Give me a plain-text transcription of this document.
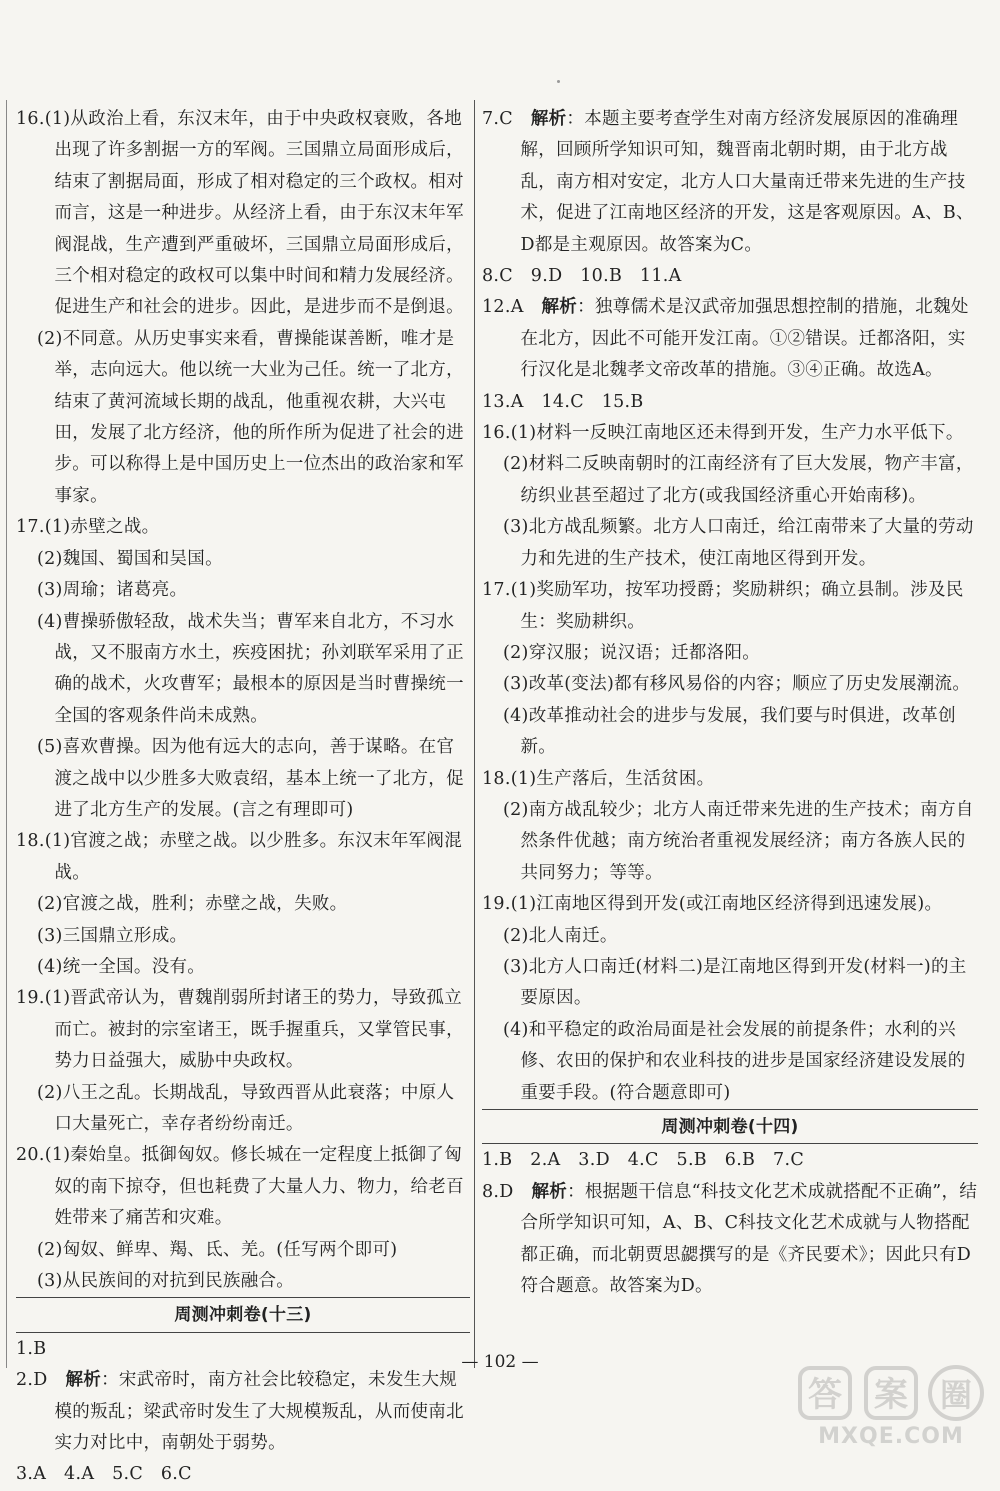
16.(1)从政治上看，东汉末年，由于中央政权衰败，各地出现了许多割据一方的军阀。三国鼎立局面形成后，结束了割据局面，形成了相对稳定的三个政权。相对而言，这是一种进步。从经济上看，由于东汉末年军阀混战，生产遭到严重破坏，三国鼎立局面形成后，三个相对稳定的政权可以集中时间和精力发展经济。促进生产和社会的进步。因此，是进步而不是倒退。

(2)不同意。从历史事实来看，曹操能谋善断，唯才是举，志向远大。他以统一大业为己任。统一了北方，结束了黄河流域长期的战乱，他重视农耕，大兴屯田，发展了北方经济，他的所作所为促进了社会的进步。可以称得上是中国历史上一位杰出的政治家和军事家。

17.(1)赤壁之战。

(2)魏国、蜀国和吴国。

(3)周瑜；诸葛亮。

(4)曹操骄傲轻敌，战术失当；曹军来自北方，不习水战，又不服南方水土，疾疫困扰；孙刘联军采用了正确的战术，火攻曹军；最根本的原因是当时曹操统一全国的客观条件尚未成熟。

(5)喜欢曹操。因为他有远大的志向，善于谋略。在官渡之战中以少胜多大败袁绍，基本上统一了北方，促进了北方生产的发展。(言之有理即可)

18.(1)官渡之战；赤壁之战。以少胜多。东汉末年军阀混战。

(2)官渡之战，胜利；赤壁之战，失败。

(3)三国鼎立形成。

(4)统一全国。没有。

19.(1)晋武帝认为，曹魏削弱所封诸王的势力，导致孤立而亡。被封的宗室诸王，既手握重兵，又掌管民事，势力日益强大，威胁中央政权。

(2)八王之乱。长期战乱，导致西晋从此衰落；中原人口大量死亡，幸存者纷纷南迁。

20.(1)秦始皇。抵御匈奴。修长城在一定程度上抵御了匈奴的南下掠夺，但也耗费了大量人力、物力，给老百姓带来了痛苦和灾难。

(2)匈奴、鲜卑、羯、氐、羌。(任写两个即可)

(3)从民族间的对抗到民族融合。

周测冲刺卷(十三)

1.B

2.D　 解析：宋武帝时，南方社会比较稳定，未发生大规模的叛乱；梁武帝时发生了大规模叛乱，从而使南北实力对比中，南朝处于弱势。

3.A　4.A　5.C　6.C

7.C　 解析：本题主要考查学生对南方经济发展原因的准确理解，回顾所学知识可知，魏晋南北朝时期，由于北方战乱，南方相对安定，北方人口大量南迁带来先进的生产技术，促进了江南地区经济的开发，这是客观原因。A、B、D都是主观原因。故答案为C。

8.C　9.D　10.B　11.A

12.A　 解析：独尊儒术是汉武帝加强思想控制的措施，北魏处在北方，因此不可能开发江南。①②错误。迁都洛阳，实行汉化是北魏孝文帝改革的措施。③④正确。故选A。

13.A　14.C　15.B

16.(1)材料一反映江南地区还未得到开发，生产力水平低下。

(2)材料二反映南朝时的江南经济有了巨大发展，物产丰富，纺织业甚至超过了北方(或我国经济重心开始南移)。

(3)北方战乱频繁。北方人口南迁，给江南带来了大量的劳动力和先进的生产技术，使江南地区得到开发。

17.(1)奖励军功，按军功授爵；奖励耕织；确立县制。涉及民生：奖励耕织。

(2)穿汉服；说汉语；迁都洛阳。

(3)改革(变法)都有移风易俗的内容；顺应了历史发展潮流。

(4)改革推动社会的进步与发展，我们要与时俱进，改革创新。

18.(1)生产落后，生活贫困。

(2)南方战乱较少；北方人南迁带来先进的生产技术；南方自然条件优越；南方统治者重视发展经济；南方各族人民的共同努力；等等。

19.(1)江南地区得到开发(或江南地区经济得到迅速发展)。

(2)北人南迁。

(3)北方人口南迁(材料二)是江南地区得到开发(材料一)的主要原因。

(4)和平稳定的政治局面是社会发展的前提条件；水利的兴修、农田的保护和农业科技的进步是国家经济建设发展的重要手段。(符合题意即可)

周测冲刺卷(十四)

1.B　2.A　3.D　4.C　5.B　6.B　7.C

8.D　 解析：根据题干信息“科技文化艺术成就搭配不正确”，结合所学知识可知，A、B、C科技文化艺术成就与人物搭配都正确，而北朝贾思勰撰写的是《齐民要术》；因此只有D符合题意。故答案为D。

— 102 —
答 案 圈
MXQE.COM
